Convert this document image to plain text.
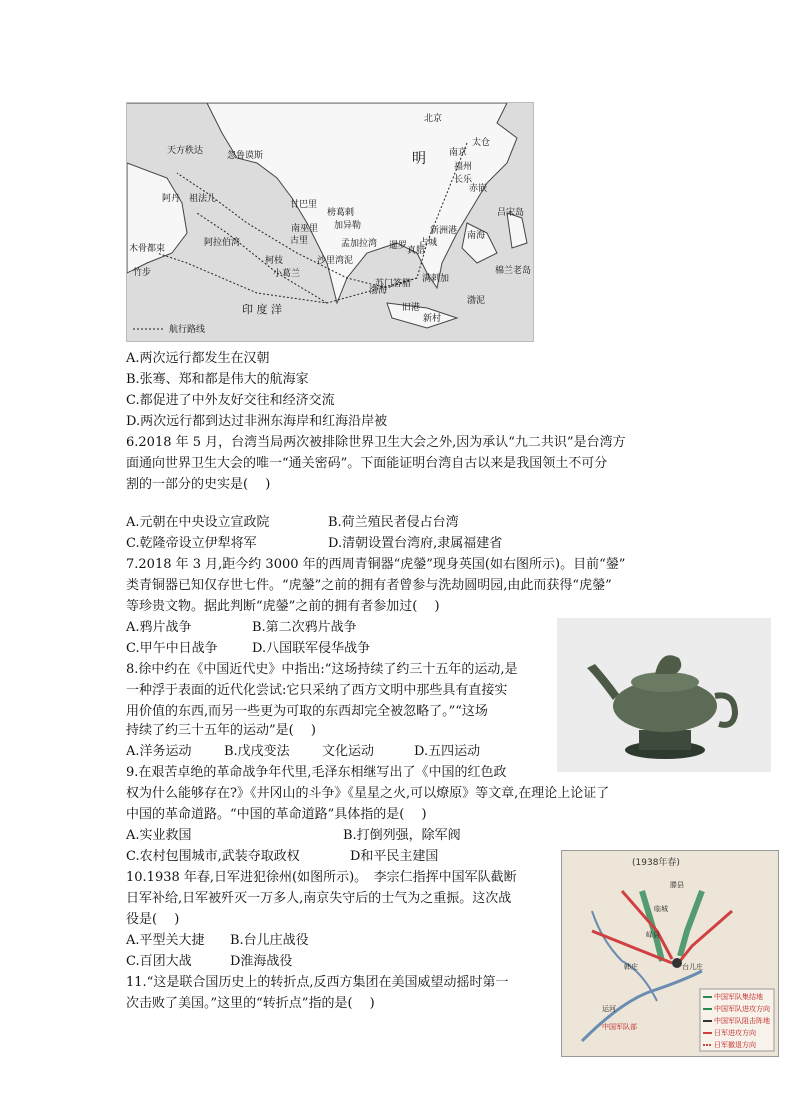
北京
太仓
南京
福州
长乐
赤嵌
吕宋岛
南海
渤泥
棉兰老岛
天方秩达	忽鲁谟斯
阿丹 祖法儿
阿拉伯湾
木骨都束
竹步
古里
甘巴里
柯枝
南巫里
榜葛剌
孟加拉湾
苏门答腊 满剌加
新村
旧港
真腊
占城
暹罗
新洲港
小葛兰
沙里湾泥
加异勒
渤海
明
印 度 洋
航行路线
A.两次远行都发生在汉朝
B.张骞、郑和都是伟大的航海家
C.都促进了中外友好交往和经济交流
D.两次远行都到达过非洲东海岸和红海沿岸被
6.2018 年 5 月，台湾当局两次被排除世界卫生大会之外,因为承认“九二共识”是台湾方
面通向世界卫生大会的唯一“通关密码”。下面能证明台湾自古以来是我国领土不可分
割的一部分的史实是(　 )
A.元朝在中央设立宣政院	B.荷兰殖民者侵占台湾
C.乾隆帝设立伊犁将军	D.清朝设置台湾府,隶属福建省
7.2018 年 3 月,距今约 3000 年的西周青铜器“虎鎣”现身英国(如右图所示)。目前“鎣”
类青铜器已知仅存世七件。“虎鎣”之前的拥有者曾参与洗劫圆明园,由此而获得“虎鎣”
等珍贵文物。据此判断“虎鎣”之前的拥有者参加过(　 )
A.鸦片战争	B.第二次鸦片战争
C.甲午中日战争	D.八国联军侵华战争
8.徐中约在《中国近代史》中指出:“这场持续了约三十五年的运动,是
一种浮于表面的近代化尝试:它只采纳了西方文明中那些具有直接实
用价值的东西,而另一些更为可取的东西却完全被忽略了。”“这场
持续了约三十五年的运动”是(　 )
A.洋务运动 B.戊戌变法 文化运动	D.五四运动
9.在艰苦卓绝的革命战争年代里,毛泽东相继写出了《中国的红色政
权为什么能够存在?》《井冈山的斗争》《星星之火,可以燎原》等文章,在理论上论证了
中国的革命道路。“中国的革命道路”具体指的是(　 )
A.实业救国	B.打倒列强，除军阀
C.农村包围城市,武装夺取政权	D和平民主建国
10.1938 年春,日军进犯徐州(如图所示)。　李宗仁指挥中国军队截断
日军补给,日军被歼灭一万多人,南京失守后的士气为之重振。这次战
役是(　 )
A.平型关大捷 B.台儿庄战役
C.百团大战	D淮海战役
11.“这是联合国历史上的转折点,反西方集团在美国威望动摇时第一
次击败了美国。”这里的“转折点”指的是(　 )
(1938年春)
滕县
临城
峄县
台儿庄
韩庄
运河
中国军队集结地
中国军队进攻方向
中国军队阻击阵地
日军进攻方向
日军撤退方向
中国军队部
